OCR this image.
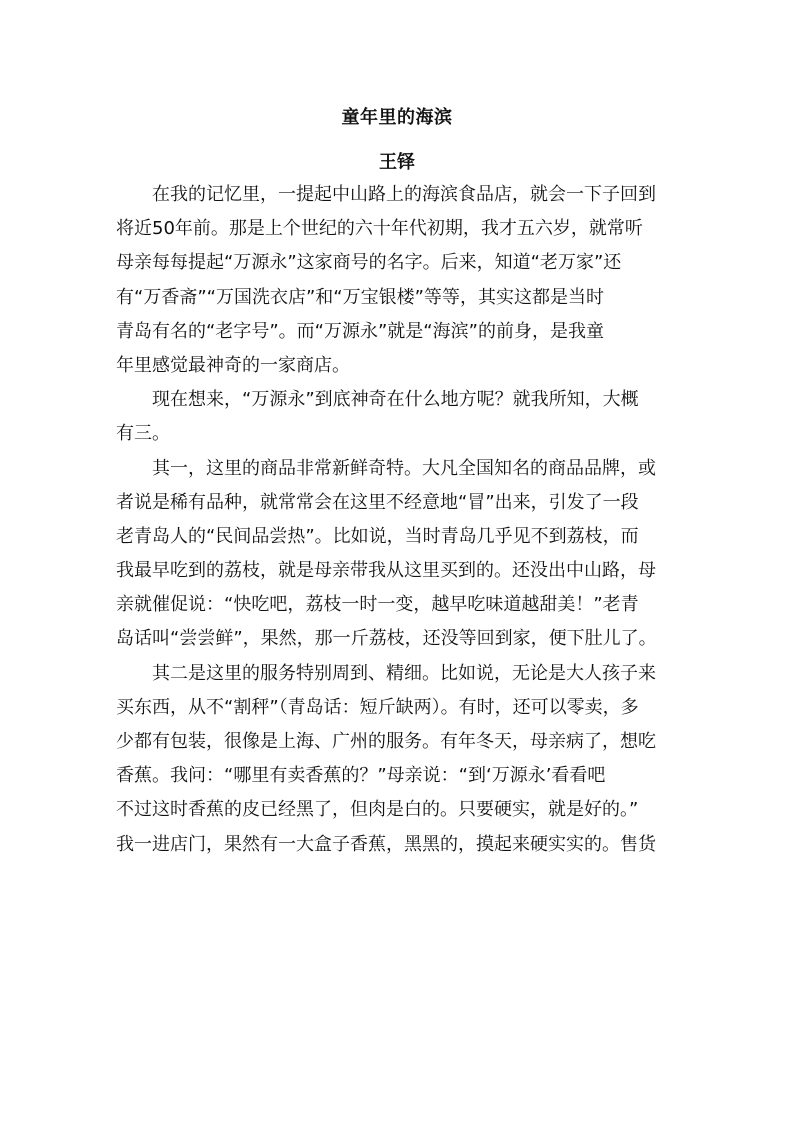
童年里的海滨
王铎

在我的记忆里，一提起中山路上的海滨食品店，就会一下子回到
将近50年前。那是上个世纪的六十年代初期，我才五六岁，就常听
母亲每每提起“万源永”这家商号的名字。后来，知道“老万家”还
有“万香斋”“万国洗衣店”和“万宝银楼”等等，其实这都是当时
青岛有名的“老字号”。而“万源永”就是“海滨”的前身，是我童
年里感觉最神奇的一家商店。

现在想来，“万源永”到底神奇在什么地方呢？就我所知，大概
有三。

其一，这里的商品非常新鲜奇特。大凡全国知名的商品品牌，或
者说是稀有品种，就常常会在这里不经意地“冒”出来，引发了一段
老青岛人的“民间品尝热”。比如说，当时青岛几乎见不到荔枝，而
我最早吃到的荔枝，就是母亲带我从这里买到的。还没出中山路，母
亲就催促说：“快吃吧，荔枝一时一变，越早吃味道越甜美！”老青
岛话叫“尝尝鲜”，果然，那一斤荔枝，还没等回到家，便下肚儿了。

其二是这里的服务特别周到、精细。比如说，无论是大人孩子来
买东西，从不“割秤”（青岛话：短斤缺两）。有时，还可以零卖，多
少都有包装，很像是上海、广州的服务。有年冬天，母亲病了，想吃
香蕉。我问：“哪里有卖香蕉的？”母亲说：“到‘万源永’看看吧
不过这时香蕉的皮已经黑了，但肉是白的。只要硬实，就是好的。”
我一进店门，果然有一大盒子香蕉，黑黑的，摸起来硬实实的。售货
